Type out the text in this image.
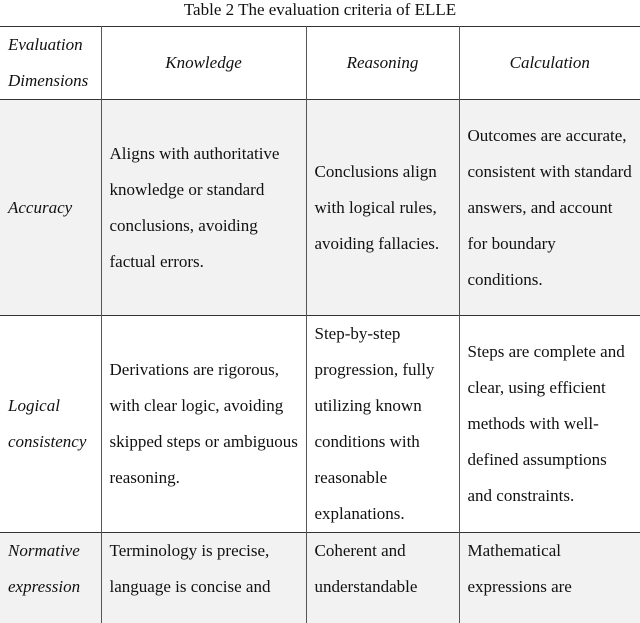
Table 2 The evaluation criteria of ELLE
Evaluation Dimensions	Knowledge	Reasoning	Calculation

Accuracy	Aligns with authoritative knowledge or standard conclusions, avoiding factual errors.	Conclusions align with logical rules, avoiding fallacies.	Outcomes are accurate, consistent with standard answers, and account for boundary conditions.

Logical consistency	Derivations are rigorous, with clear logic, avoiding skipped steps or ambiguous reasoning.	Step-by-step progression, fully utilizing known conditions with reasonable explanations.	Steps are complete and clear, using efficient methods with well-defined assumptions and constraints.

Normative expression	Terminology is precise, language is concise and	Coherent and understandable	Mathematical expressions are
